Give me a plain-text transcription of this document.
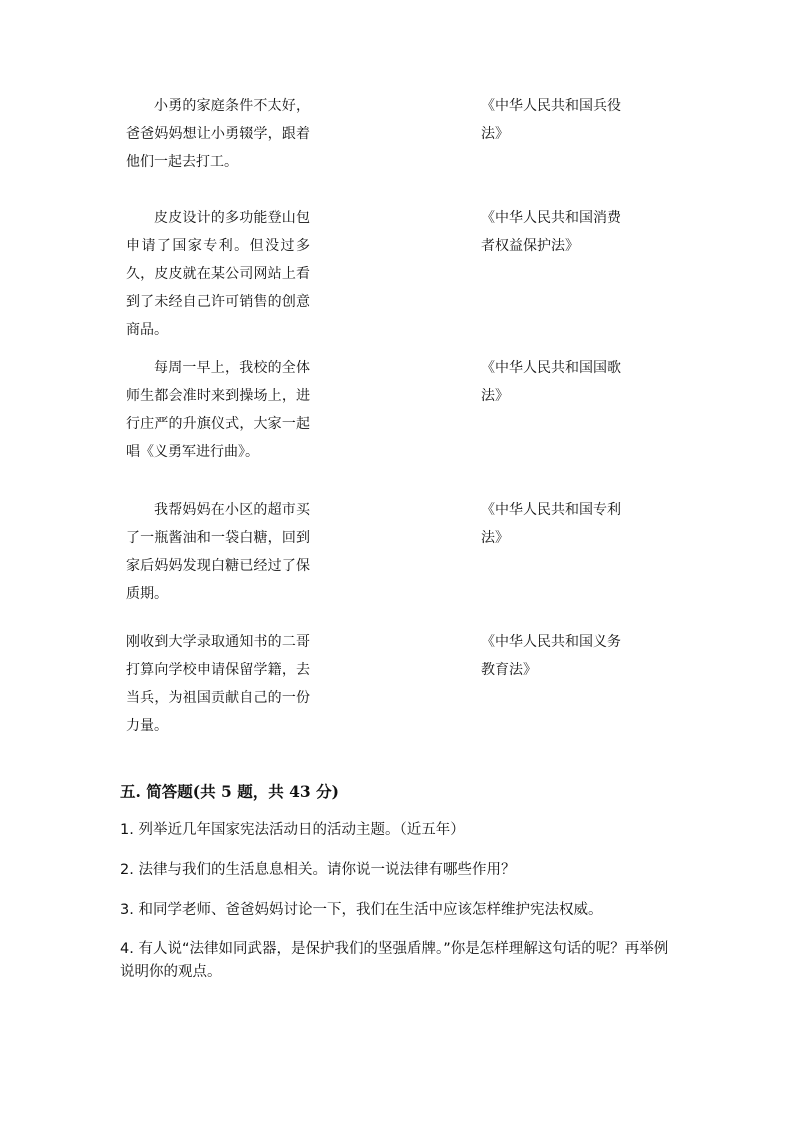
小勇的家庭条件不太好，爸爸妈妈想让小勇辍学，跟着他们一起去打工。
皮皮设计的多功能登山包申请了国家专利。但没过多久，皮皮就在某公司网站上看到了未经自己许可销售的创意商品。
每周一早上，我校的全体师生都会准时来到操场上，进行庄严的升旗仪式，大家一起唱《义勇军进行曲》。
我帮妈妈在小区的超市买了一瓶酱油和一袋白糖，回到家后妈妈发现白糖已经过了保质期。
刚收到大学录取通知书的二哥打算向学校申请保留学籍，去当兵，为祖国贡献自己的一份力量。
《中华人民共和国兵役法》
《中华人民共和国消费者权益保护法》
《中华人民共和国国歌法》
《中华人民共和国专利法》
《中华人民共和国义务教育法》
五. 简答题(共 5 题，共 43 分)
1. 列举近几年国家宪法活动日的活动主题。（近五年）
2. 法律与我们的生活息息相关。请你说一说法律有哪些作用？
3. 和同学老师、爸爸妈妈讨论一下，我们在生活中应该怎样维护宪法权威。
4. 有人说“法律如同武器，是保护我们的坚强盾牌。”你是怎样理解这句话的呢？再举例说明你的观点。
